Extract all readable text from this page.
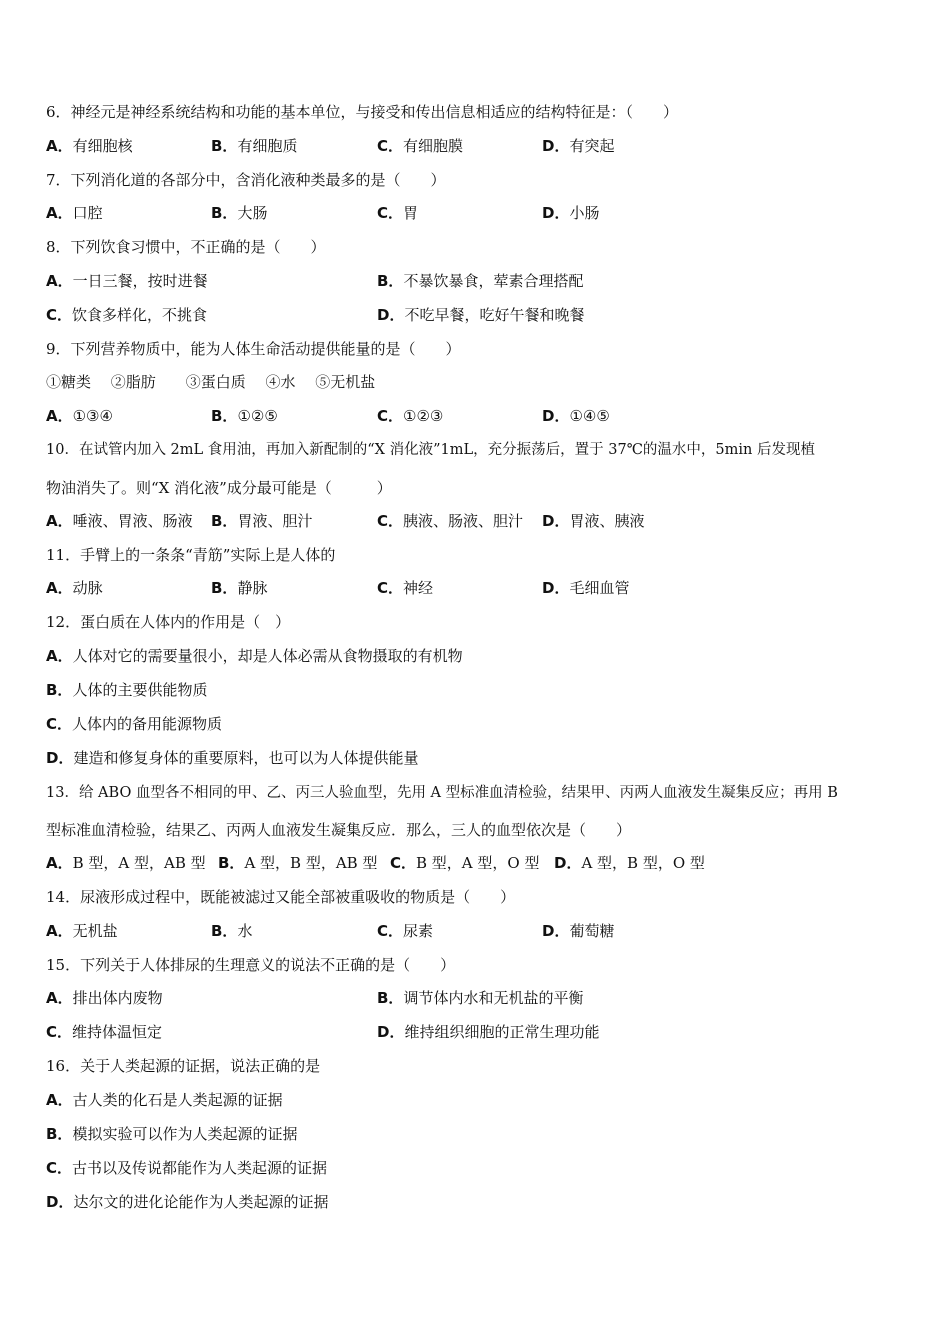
6．神经元是神经系统结构和功能的基本单位，与接受和传出信息相适应的结构特征是：（　　）
A．有细胞核	B．有细胞质	C．有细胞膜	D．有突起
7．下列消化道的各部分中，含消化液种类最多的是（　　）
A．口腔	B．大肠	C．胃	D．小肠
8．下列饮食习惯中，不正确的是（　　）
A．一日三餐，按时进餐	B．不暴饮暴食，荤素合理搭配
C．饮食多样化，不挑食	D．不吃早餐，吃好午餐和晚餐
9．下列营养物质中，能为人体生命活动提供能量的是（　　）
①糖类　 ②脂肪　　③蛋白质　 ④水　 ⑤无机盐
A．①③④	B．①②⑤	C．①②③	D．①④⑤
10．在试管内加入 2mL 食用油，再加入新配制的“X 消化液”1mL，充分振荡后，置于 37℃的温水中，5min 后发现植
物油消失了。则“X 消化液”成分最可能是（　　　）
A．唾液、胃液、肠液 B．胃液、胆汁	C．胰液、肠液、胆汁 D．胃液、胰液
11．手臂上的一条条“青筋”实际上是人体的
A．动脉	B．静脉	C．神经	D．毛细血管
12．蛋白质在人体内的作用是（　）
A．人体对它的需要量很小，却是人体必需从食物摄取的有机物
B．人体的主要供能物质
C．人体内的备用能源物质
D．建造和修复身体的重要原料，也可以为人体提供能量
13．给 ABO 血型各不相同的甲、乙、丙三人验血型，先用 A 型标准血清检验，结果甲、丙两人血液发生凝集反应；再用 B
型标准血清检验，结果乙、丙两人血液发生凝集反应．那么，三人的血型依次是（　　）
A．B 型，A 型，AB 型 B．A 型，B 型，AB 型 C．B 型，A 型，O 型 D．A 型，B 型，O 型
14．尿液形成过程中，既能被滤过又能全部被重吸收的物质是（　　）
A．无机盐	B．水	C．尿素	D．葡萄糖
15．下列关于人体排尿的生理意义的说法不正确的是（　　）
A．排出体内废物	B．调节体内水和无机盐的平衡
C．维持体温恒定	D．维持组织细胞的正常生理功能
16．关于人类起源的证据，说法正确的是
A．古人类的化石是人类起源的证据
B．模拟实验可以作为人类起源的证据
C．古书以及传说都能作为人类起源的证据
D．达尔文的进化论能作为人类起源的证据
